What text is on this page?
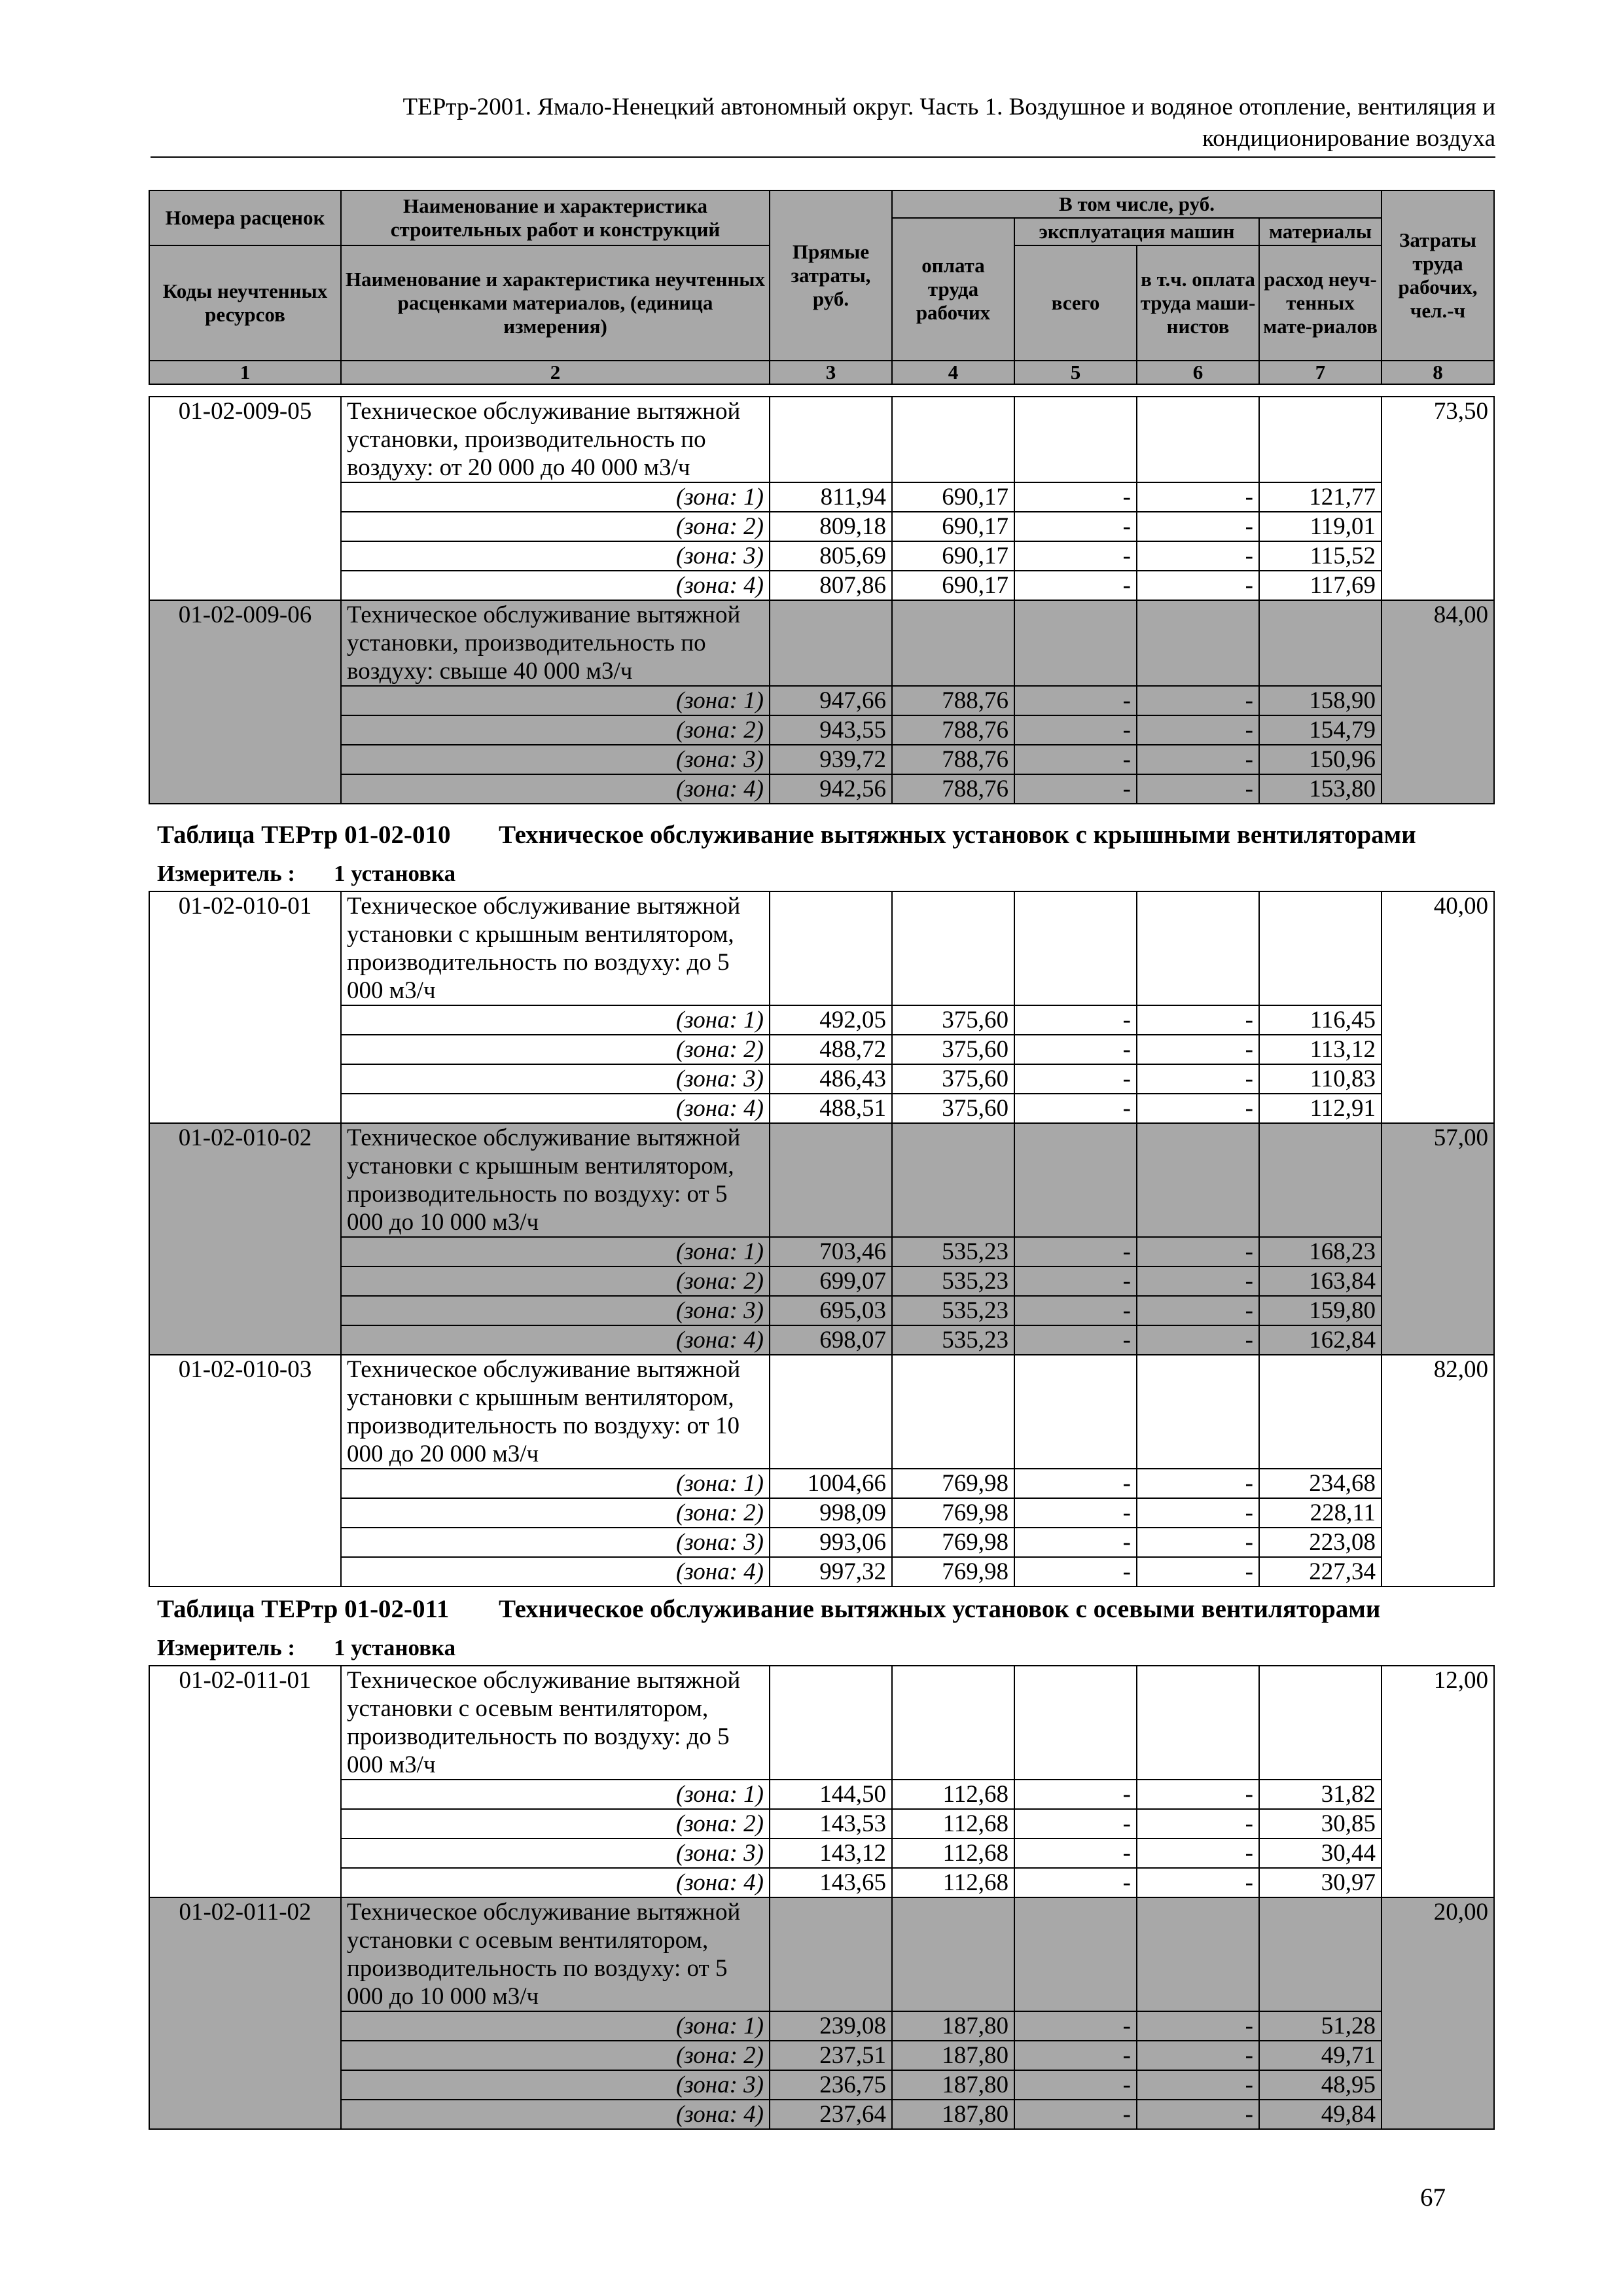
ТЕРтр-2001. Ямало-Ненецкий автономный округ. Часть 1. Воздушное и водяное отопление, вентиляция и
кондиционирование воздуха
Номера расценок	Наименование и характеристика строительных работ и конструкций	Прямые затраты, руб.	В том числе, руб.				Затраты труда рабочих, чел.-ч
			оплата труда рабочих	эксплуатация машин		материалы	
Коды неучтенных ресурсов	Наименование и характеристика неучтенных расценками материалов, (единица измерения)			всего	в т.ч. оплата труда маши-нистов	расход неуч-тенных мате-риалов	

1	2	3	4	5	6	7	8
01-02-009-05	Техническое обслуживание вытяжной установки, производительность по воздуху: от 20 000 до 40 000 м3/ч						73,50

	(зона: 1)	811,94	690,17	-	-	121,77	
	(зона: 2)	809,18	690,17	-	-	119,01	
	(зона: 3)	805,69	690,17	-	-	115,52	
	(зона: 4)	807,86	690,17	-	-	117,69	
01-02-009-06	Техническое обслуживание вытяжной установки, производительность по воздуху: свыше 40 000 м3/ч						84,00

	(зона: 1)	947,66	788,76	-	-	158,90	
	(зона: 2)	943,55	788,76	-	-	154,79	
	(зона: 3)	939,72	788,76	-	-	150,96	
	(зона: 4)	942,56	788,76	-	-	153,80	
Таблица ТЕРтр 01-02-010 Техническое обслуживание вытяжных установок с крышными вентиляторами
Измеритель : 1 установка
01-02-010-01	Техническое обслуживание вытяжной установки с крышным вентилятором, производительность по воздуху: до 5 000 м3/ч						40,00

	(зона: 1)	492,05	375,60	-	-	116,45	
	(зона: 2)	488,72	375,60	-	-	113,12	
	(зона: 3)	486,43	375,60	-	-	110,83	
	(зона: 4)	488,51	375,60	-	-	112,91	
01-02-010-02	Техническое обслуживание вытяжной установки с крышным вентилятором, производительность по воздуху: от 5 000 до 10 000 м3/ч						57,00

	(зона: 1)	703,46	535,23	-	-	168,23	
	(зона: 2)	699,07	535,23	-	-	163,84	
	(зона: 3)	695,03	535,23	-	-	159,80	
	(зона: 4)	698,07	535,23	-	-	162,84	
01-02-010-03	Техническое обслуживание вытяжной установки с крышным вентилятором, производительность по воздуху: от 10 000 до 20 000 м3/ч						82,00

	(зона: 1)	1004,66	769,98	-	-	234,68	
	(зона: 2)	998,09	769,98	-	-	228,11	
	(зона: 3)	993,06	769,98	-	-	223,08	
	(зона: 4)	997,32	769,98	-	-	227,34	
Таблица ТЕРтр 01-02-011 Техническое обслуживание вытяжных установок с осевыми вентиляторами
Измеритель : 1 установка
01-02-011-01	Техническое обслуживание вытяжной установки с осевым вентилятором, производительность по воздуху: до 5 000 м3/ч						12,00

	(зона: 1)	144,50	112,68	-	-	31,82	
	(зона: 2)	143,53	112,68	-	-	30,85	
	(зона: 3)	143,12	112,68	-	-	30,44	
	(зона: 4)	143,65	112,68	-	-	30,97	
01-02-011-02	Техническое обслуживание вытяжной установки с осевым вентилятором, производительность по воздуху: от 5 000 до 10 000 м3/ч						20,00

	(зона: 1)	239,08	187,80	-	-	51,28	
	(зона: 2)	237,51	187,80	-	-	49,71	
	(зона: 3)	236,75	187,80	-	-	48,95	
	(зона: 4)	237,64	187,80	-	-	49,84	
67
